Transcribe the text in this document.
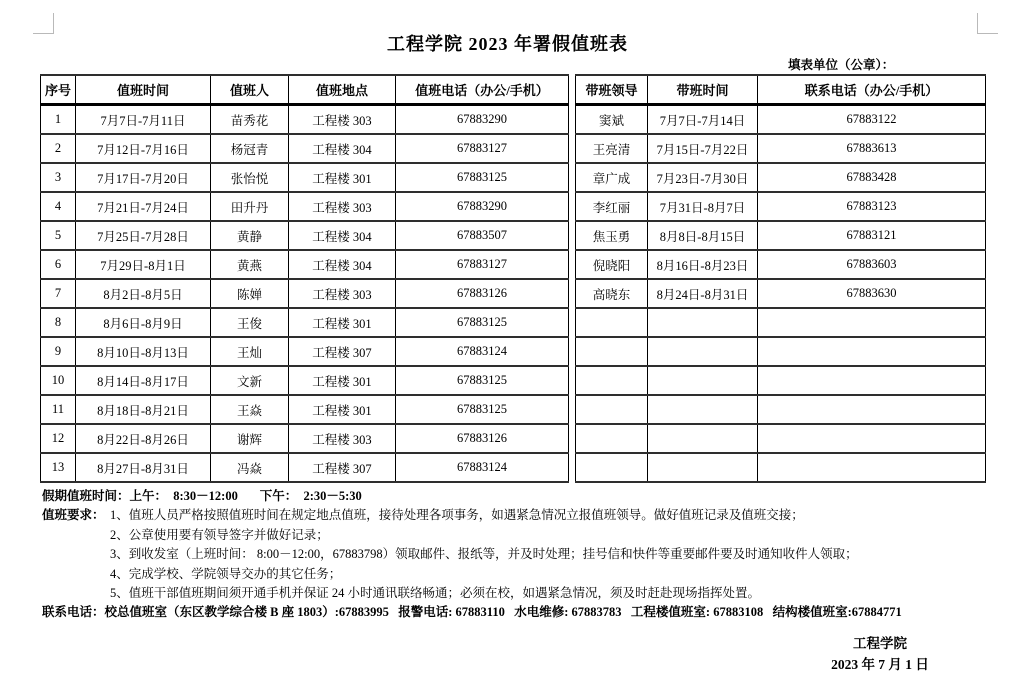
工程学院 2023 年署假值班表
填表单位（公章）：
序号	值班时间	值班人	值班地点	值班电话（办公/手机）
1	7月7日-7月11日	苗秀花	工程楼 303	67883290
2	7月12日-7月16日	杨冠青	工程楼 304	67883127
3	7月17日-7月20日	张怡悦	工程楼 301	67883125
4	7月21日-7月24日	田升丹	工程楼 303	67883290
5	7月25日-7月28日	黄静	工程楼 304	67883507
6	7月29日-8月1日	黄燕	工程楼 304	67883127
7	8月2日-8月5日	陈婵	工程楼 303	67883126
8	8月6日-8月9日	王俊	工程楼 301	67883125
9	8月10日-8月13日	王灿	工程楼 307	67883124
10	8月14日-8月17日	文新	工程楼 301	67883125
11	8月18日-8月21日	王焱	工程楼 301	67883125
12	8月22日-8月26日	谢辉	工程楼 303	67883126
13	8月27日-8月31日	冯焱	工程楼 307	67883124
带班领导	带班时间	联系电话（办公/手机）
窦斌	7月7日-7月14日	67883122
王亮清	7月15日-7月22日	67883613
章广成	7月23日-7月30日	67883428
李红丽	7月31日-8月7日	67883123
焦玉勇	8月8日-8月15日	67883121
倪晓阳	8月16日-8月23日	67883603
高晓东	8月24日-8月31日	67883630

假期值班时间：上午：  8:30－12:00       下午：  2:30－5:30
值班要求： 1、值班人员严格按照值班时间在规定地点值班，接待处理各项事务，如遇紧急情况立报值班领导。做好值班记录及值班交接；
2、公章使用要有领导签字并做好记录；
3、到收发室（上班时间： 8:00－12:00，67883798）领取邮件、报纸等，并及时处理；挂号信和快件等重要邮件要及时通知收件人领取；
4、完成学校、学院领导交办的其它任务；
5、值班干部值班期间须开通手机并保证 24 小时通讯联络畅通；必须在校，如遇紧急情况，须及时赶赴现场指挥处置。
联系电话：校总值班室（东区教学综合楼 B 座 1803）:67883995   报警电话: 67883110   水电维修: 67883783   工程楼值班室: 67883108   结构楼值班室:67884771
工程学院
2023 年 7 月 1 日
